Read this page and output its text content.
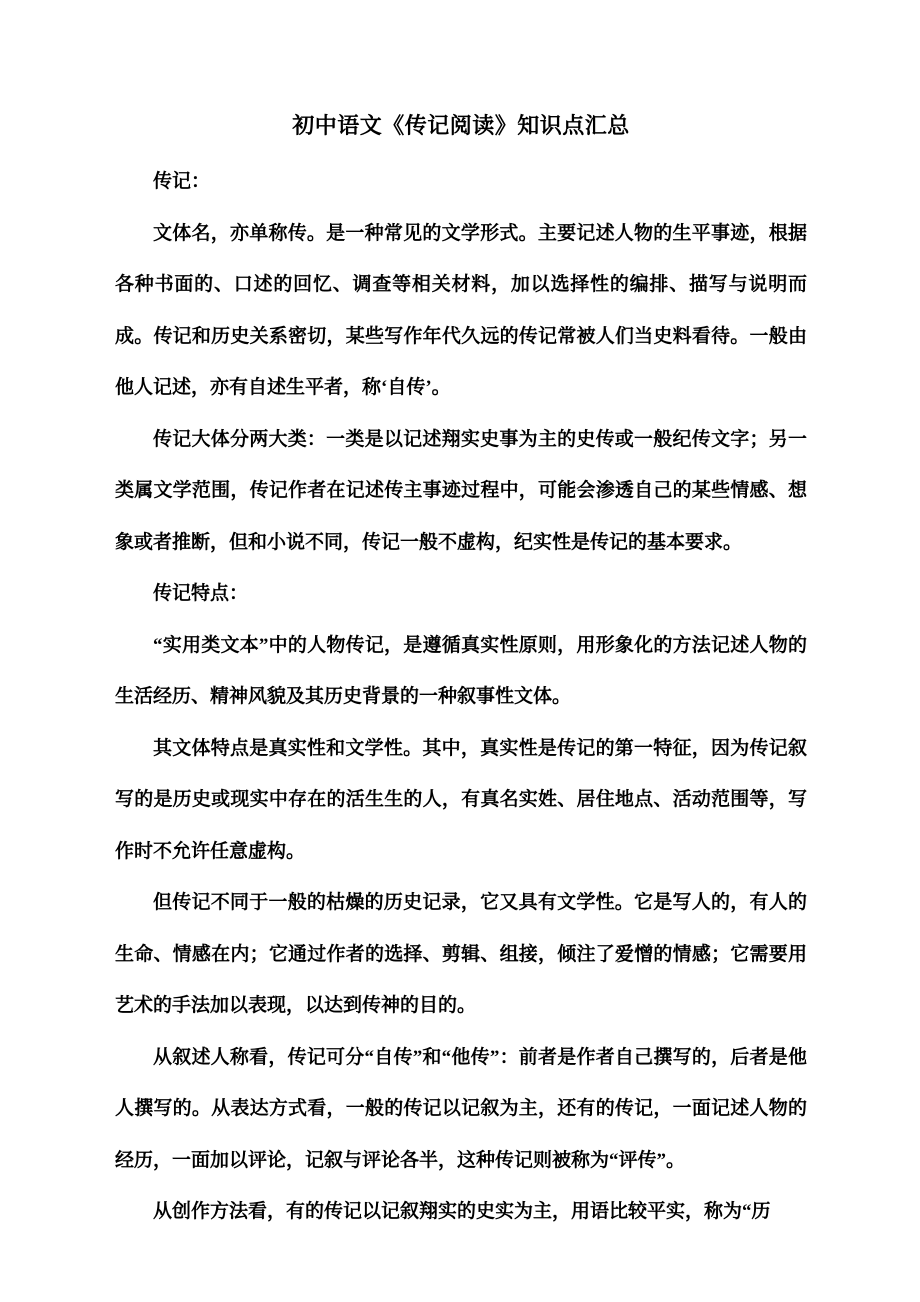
初中语文《传记阅读》知识点汇总

传记：

文体名，亦单称传。是一种常见的文学形式。主要记述人物的生平事迹，根据各种书面的、口述的回忆、调查等相关材料，加以选择性的编排、描写与说明而成。传记和历史关系密切，某些写作年代久远的传记常被人们当史料看待。一般由他人记述，亦有自述生平者，称‘自传’。

传记大体分两大类：一类是以记述翔实史事为主的史传或一般纪传文字；另一类属文学范围，传记作者在记述传主事迹过程中，可能会渗透自己的某些情感、想象或者推断，但和小说不同，传记一般不虚构，纪实性是传记的基本要求。

传记特点：

“实用类文本”中的人物传记，是遵循真实性原则，用形象化的方法记述人物的生活经历、精神风貌及其历史背景的一种叙事性文体。

其文体特点是真实性和文学性。其中，真实性是传记的第一特征，因为传记叙写的是历史或现实中存在的活生生的人，有真名实姓、居住地点、活动范围等，写作时不允许任意虚构。

但传记不同于一般的枯燥的历史记录，它又具有文学性。它是写人的，有人的生命、情感在内；它通过作者的选择、剪辑、组接，倾注了爱憎的情感；它需要用艺术的手法加以表现，以达到传神的目的。

从叙述人称看，传记可分“自传”和“他传”：前者是作者自己撰写的，后者是他人撰写的。从表达方式看，一般的传记以记叙为主，还有的传记，一面记述人物的经历，一面加以评论，记叙与评论各半，这种传记则被称为“评传”。

从创作方法看，有的传记以记叙翔实的史实为主，用语比较平实，称为“历
